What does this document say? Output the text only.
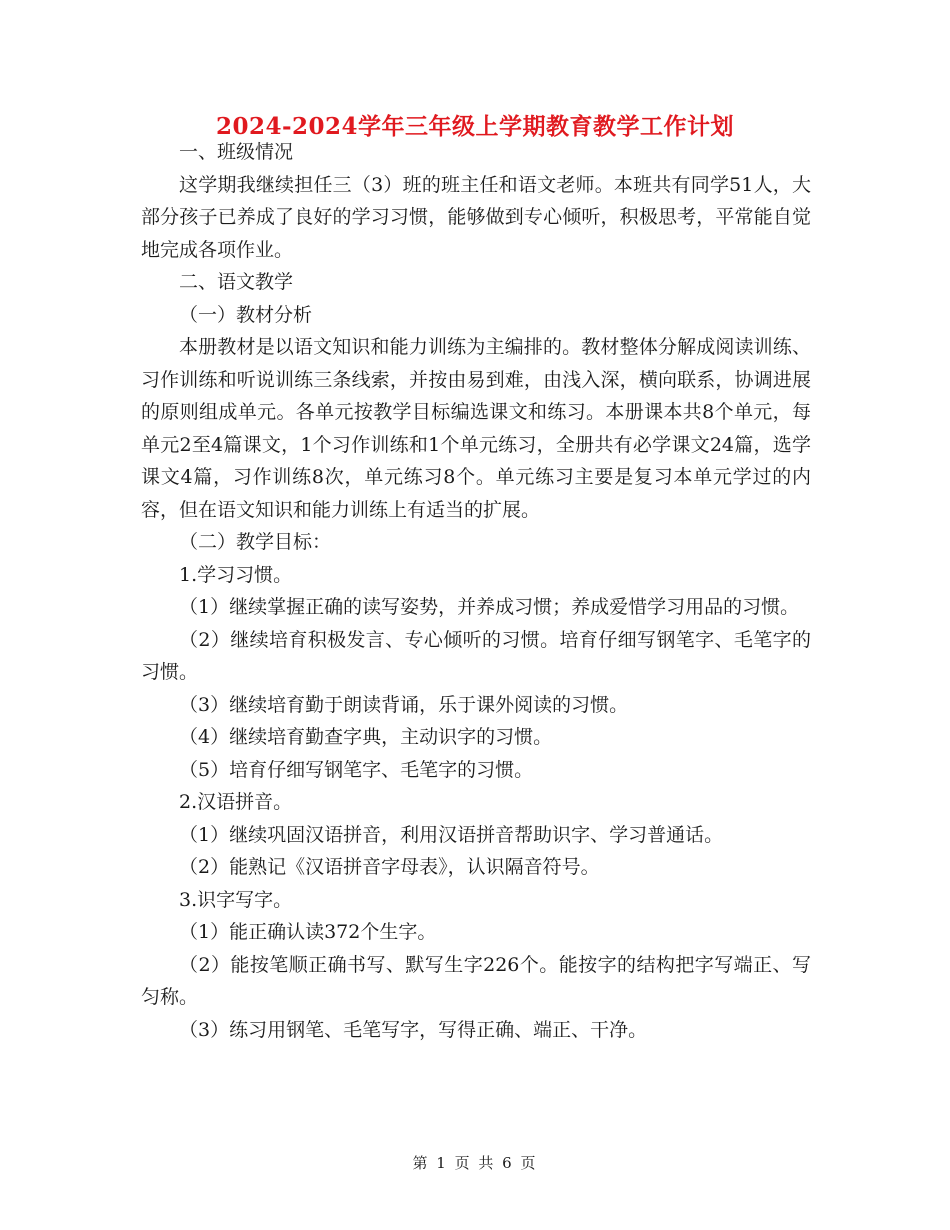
2024-2024学年三年级上学期教育教学工作计划

一、班级情况

这学期我继续担任三（3）班的班主任和语文老师。本班共有同学51人，大部分孩子已养成了良好的学习习惯，能够做到专心倾听，积极思考，平常能自觉地完成各项作业。

二、语文教学

（一）教材分析

本册教材是以语文知识和能力训练为主编排的。教材整体分解成阅读训练、习作训练和听说训练三条线索，并按由易到难，由浅入深，横向联系，协调进展的原则组成单元。各单元按教学目标编选课文和练习。本册课本共8个单元，每单元2至4篇课文，1个习作训练和1个单元练习，全册共有必学课文24篇，选学课文4篇，习作训练8次，单元练习8个。单元练习主要是复习本单元学过的内容，但在语文知识和能力训练上有适当的扩展。

（二）教学目标：

1.学习习惯。

（1）继续掌握正确的读写姿势，并养成习惯；养成爱惜学习用品的习惯。

（2）继续培育积极发言、专心倾听的习惯。培育仔细写钢笔字、毛笔字的习惯。

（3）继续培育勤于朗读背诵，乐于课外阅读的习惯。

（4）继续培育勤查字典，主动识字的习惯。

（5）培育仔细写钢笔字、毛笔字的习惯。

2.汉语拼音。

（1）继续巩固汉语拼音，利用汉语拼音帮助识字、学习普通话。

（2）能熟记《汉语拼音字母表》，认识隔音符号。

3.识字写字。

（1）能正确认读372个生字。

（2）能按笔顺正确书写、默写生字226个。能按字的结构把字写端正、写匀称。

（3）练习用钢笔、毛笔写字，写得正确、端正、干净。

第 1 页 共 6 页
